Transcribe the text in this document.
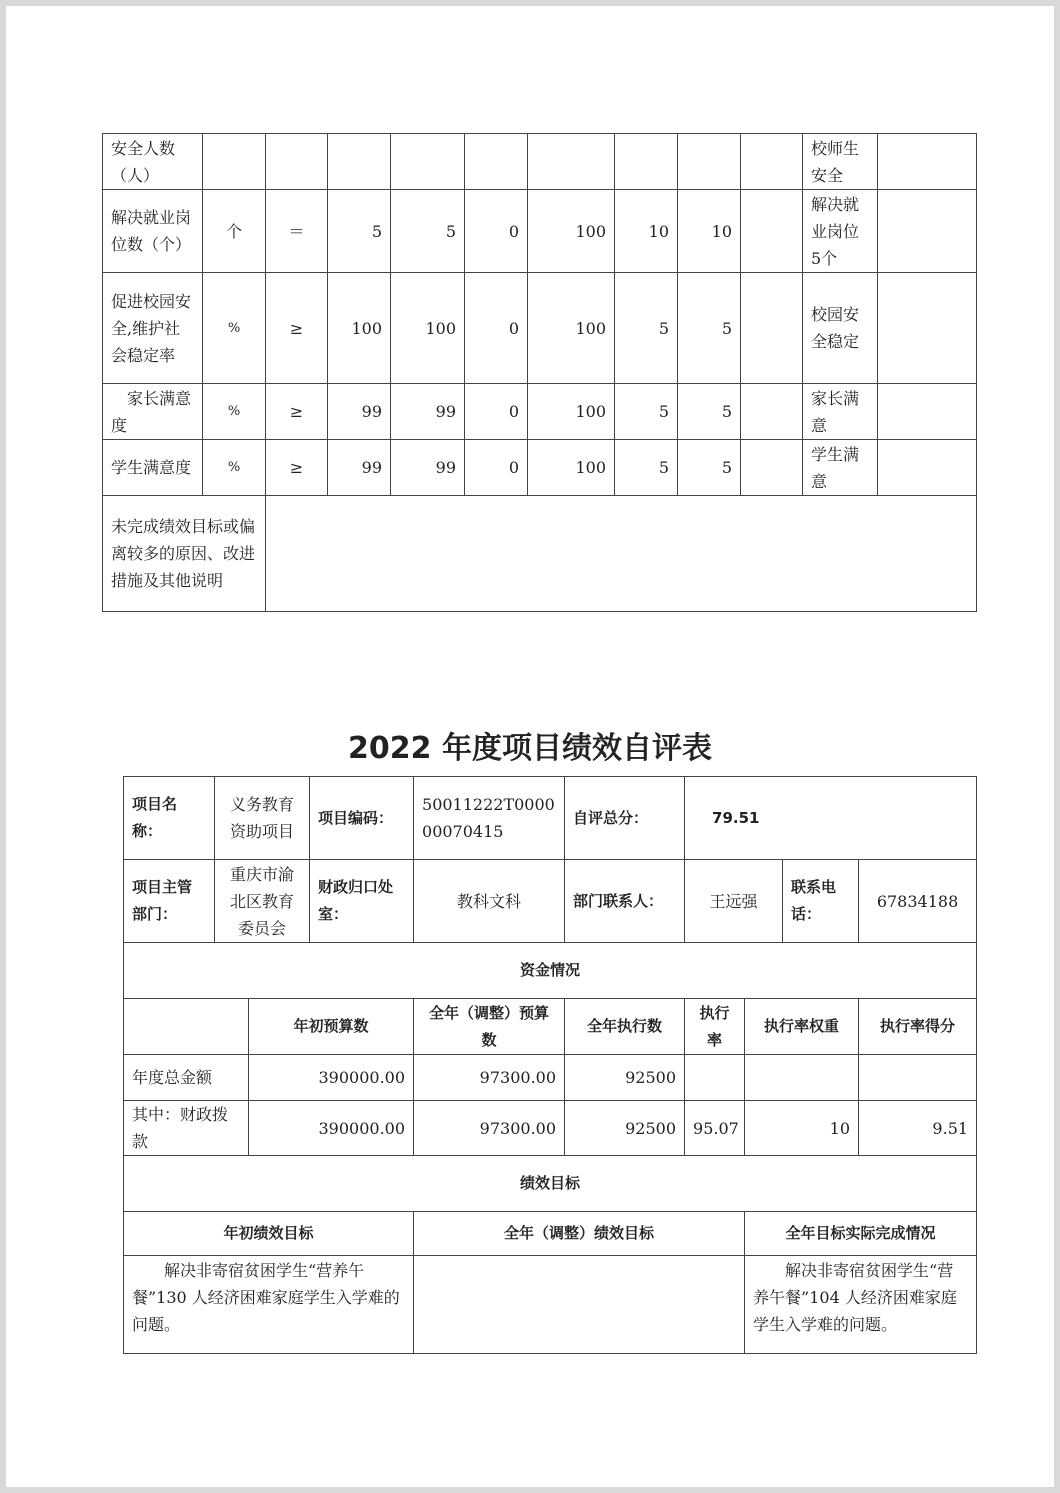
安全人数（人）										校师生安全	
解决就业岗位数（个）	个	＝	5	5	0	100	10	10		解决就业岗位5个	
促进校园安全,维护社会稳定率	%	≥	100	100	0	100	5	5		校园安全稳定	
家长满意度	%	≥	99	99	0	100	5	5		家长满意	
学生满意度	%	≥	99	99	0	100	5	5		学生满意	
未完成绩效目标或偏离较多的原因、改进措施及其他说明											
2022 年度项目绩效自评表
项目名称：	义务教育资助项目		项目编码：	50011222T000000070415	自评总分：	79.51			
项目主管部门：	重庆市渝北区教育委员会		财政归口处室：	教科文科	部门联系人：	王远强		联系电话：	67834188
资金情况									
		年初预算数		全年（调整）预算数	全年执行数	执行率	执行率权重		执行率得分
年度总金额		390000.00		97300.00	92500				
其中：财政拨款		390000.00		97300.00	92500	95.07	10		9.51
绩效目标									
年初绩效目标				全年（调整）绩效目标			全年目标实际完成情况		
解决非寄宿贫困学生“营养午餐”130 人经济困难家庭学生入学难的问题。							解决非寄宿贫困学生“营养午餐”104 人经济困难家庭学生入学难的问题。		
